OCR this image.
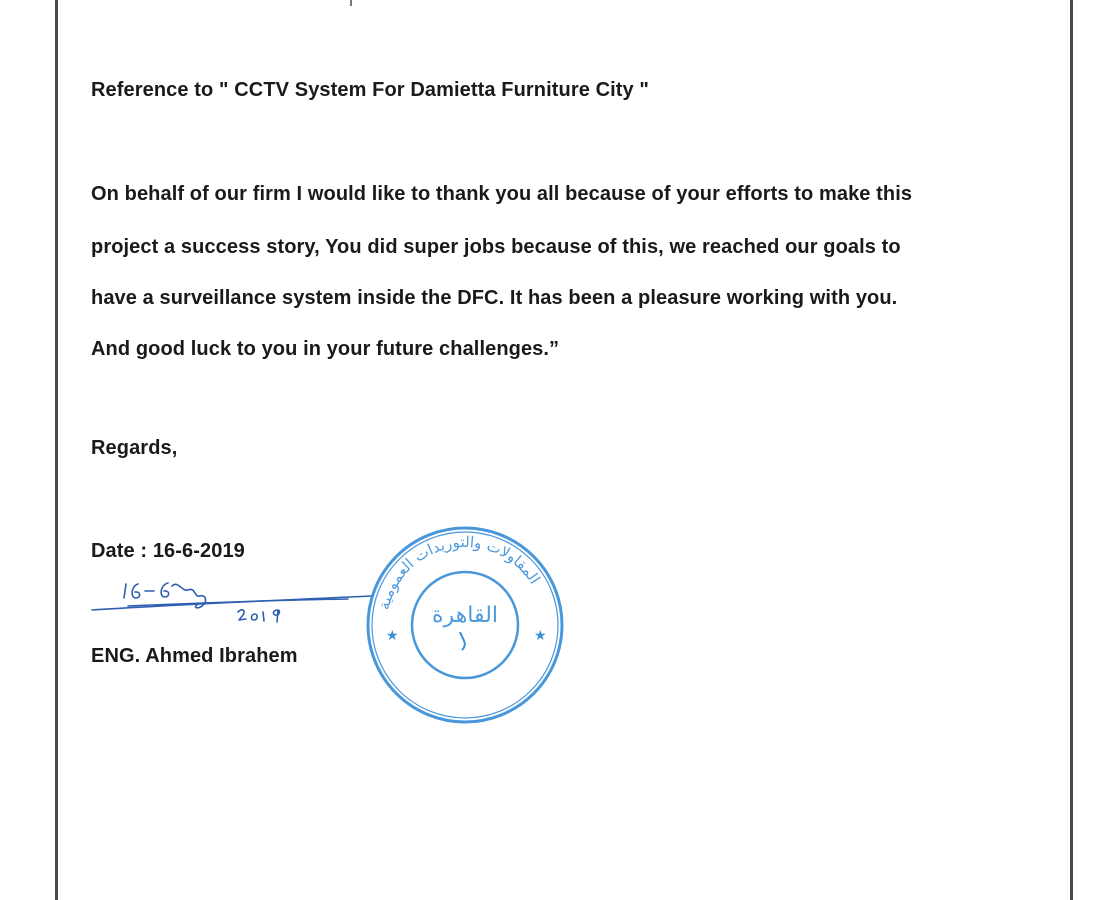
Reference to " CCTV System For Damietta Furniture City "
On behalf of our firm I would like to thank you all because of your efforts to make this
project a success story, You did super jobs because of this, we reached our goals to
have a surveillance system inside the DFC. It has been a pleasure working with you.
And good luck to you in your future challenges.”
Regards,
Date : 16-6-2019
ENG. Ahmed Ibrahem
المقاولات والتوريدات العمومية
القاهرة
★	★
